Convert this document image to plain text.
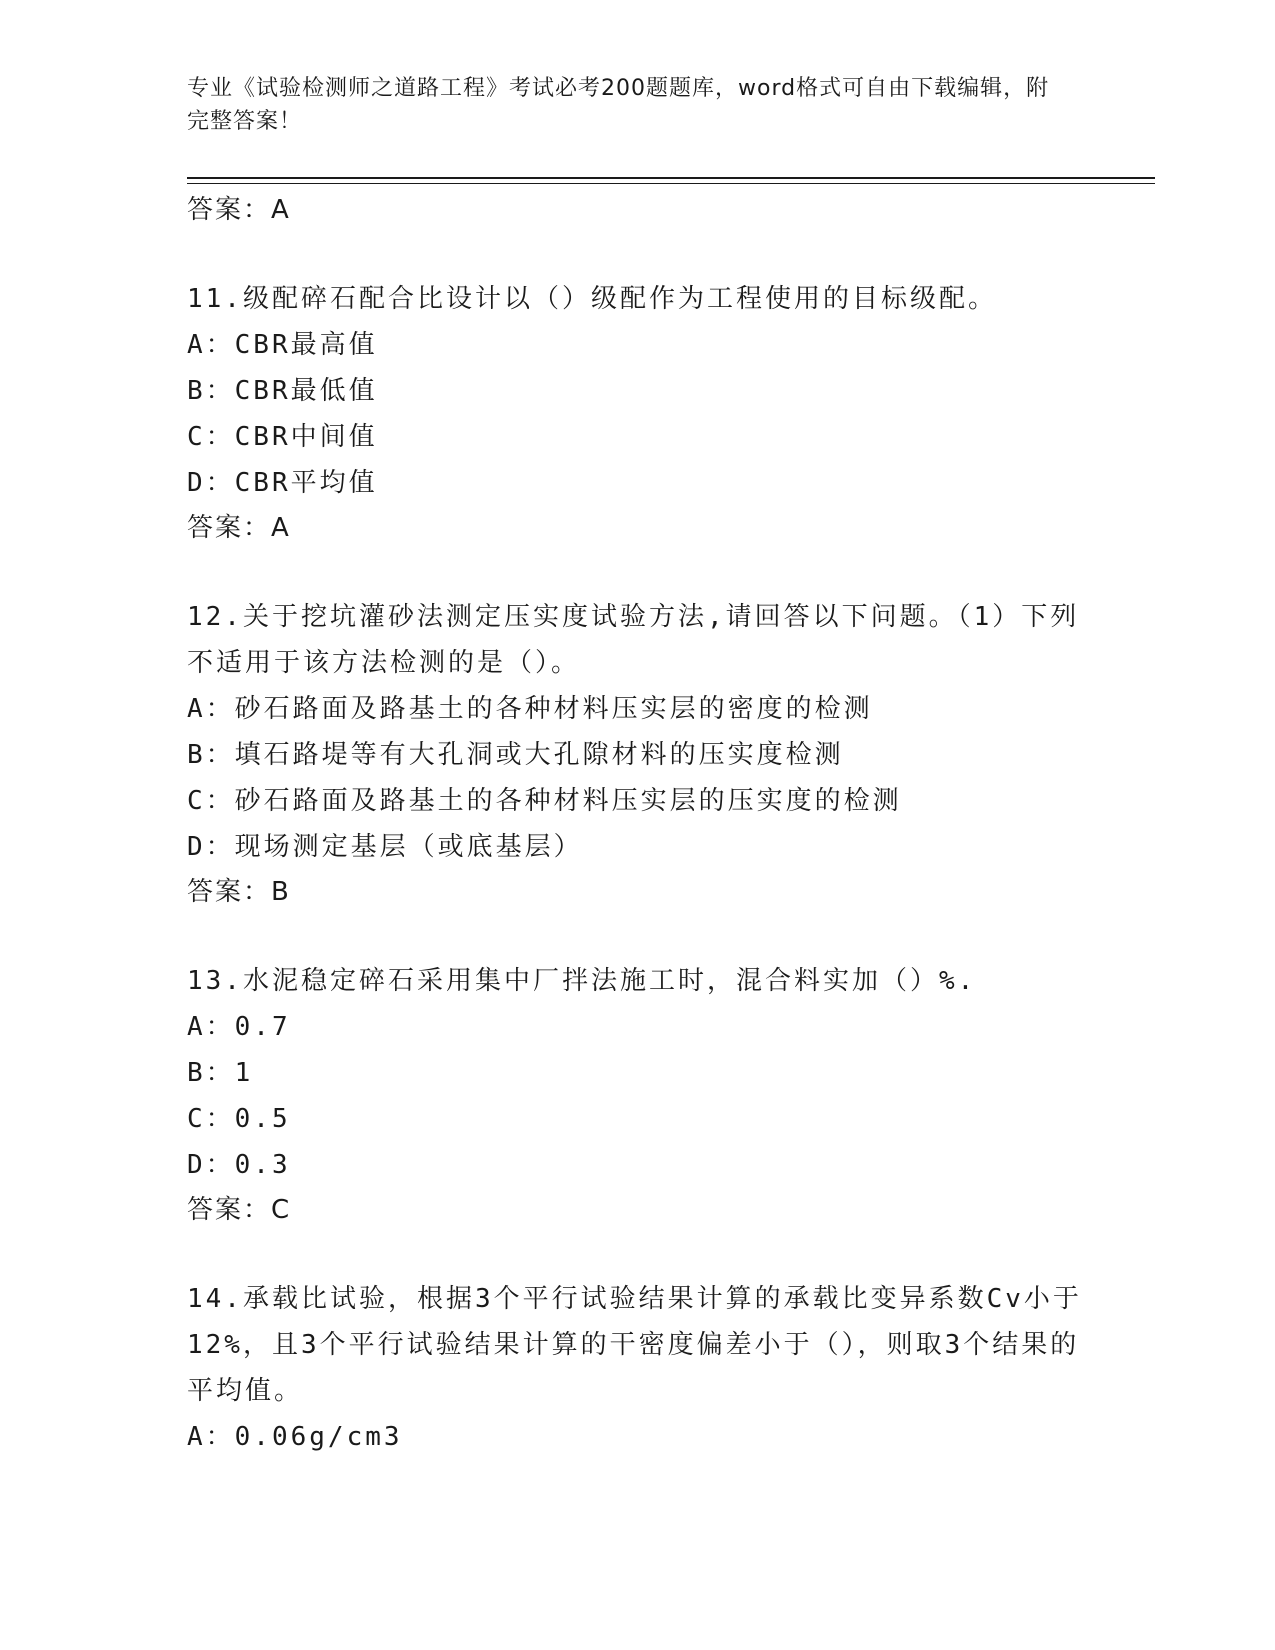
专业《试验检测师之道路工程》考试必考200题题库，word格式可自由下载编辑，附完整答案！
答案：A
11.级配碎石配合比设计以（）级配作为工程使用的目标级配。
A：CBR最高值
B：CBR最低值
C：CBR中间值
D：CBR平均值
答案：A
12.关于挖坑灌砂法测定压实度试验方法,请回答以下问题。（1）下列不适用于该方法检测的是（）。
A：砂石路面及路基土的各种材料压实层的密度的检测
B：填石路堤等有大孔洞或大孔隙材料的压实度检测
C：砂石路面及路基土的各种材料压实层的压实度的检测
D：现场测定基层（或底基层）
答案：B
13.水泥稳定碎石采用集中厂拌法施工时，混合料实加（）%.
A：0.7
B：1
C：0.5
D：0.3
答案：C
14.承载比试验，根据3个平行试验结果计算的承载比变异系数Cv小于12%，且3个平行试验结果计算的干密度偏差小于（），则取3个结果的平均值。
A：0.06g/cm3
